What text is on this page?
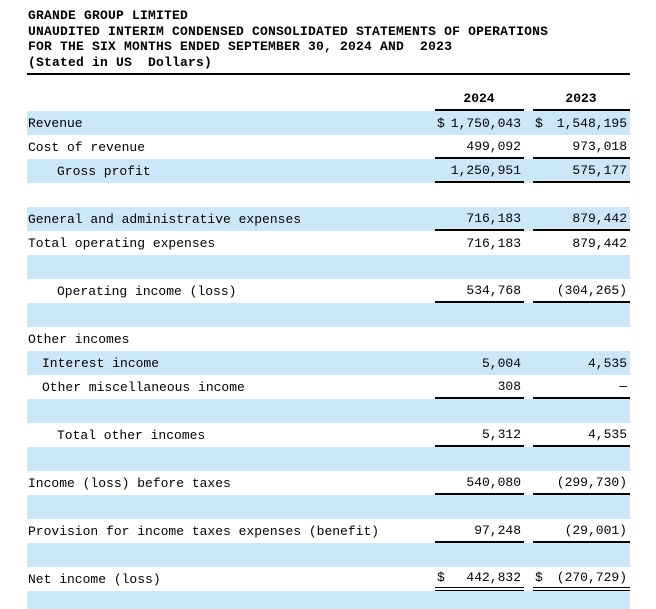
GRANDE GROUP LIMITED
UNAUDITED INTERIM CONDENSED CONSOLIDATED STATEMENTS OF OPERATIONS
FOR THE SIX MONTHS ENDED SEPTEMBER 30, 2024 AND  2023
(Stated in US  Dollars)
2024	2023
Revenue	$ 1,750,043 $ 1,548,195
Cost of revenue	499,092	973,018
Gross profit	1,250,951	575,177
General and administrative expenses	716,183	879,442
Total operating expenses	716,183	879,442
Operating income (loss)	534,768	(304,265)
Other incomes
Interest income	5,004	4,535
Other miscellaneous income	308	—
Total other incomes	5,312	4,535
Income (loss) before taxes	540,080	(299,730)
Provision for income taxes expenses (benefit)	97,248	(29,001)
Net income (loss)	$ 442,832 $ (270,729)
